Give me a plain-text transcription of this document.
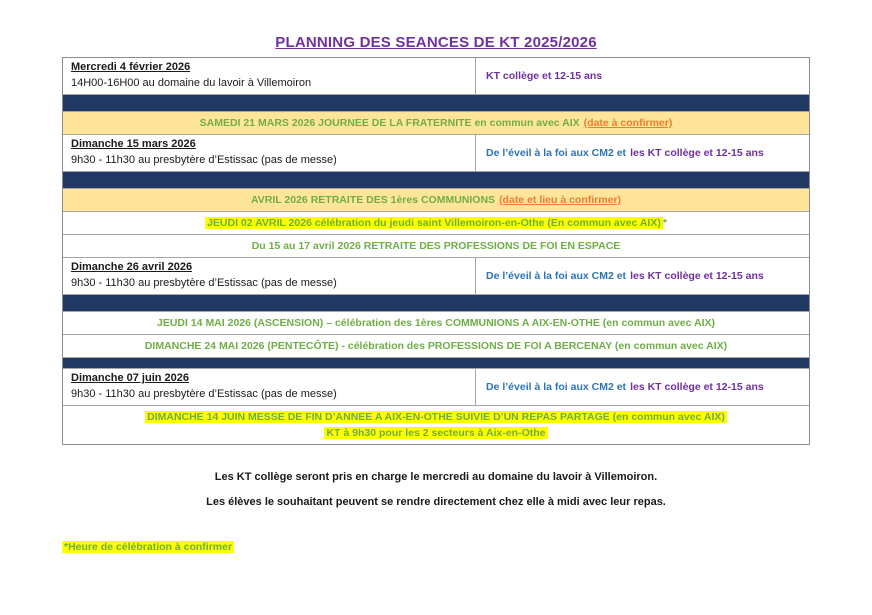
PLANNING DES SEANCES DE KT 2025/2026
Mercredi 4 février 2026
14H00-16H00 au domaine du lavoir à Villemoiron
KT collège et 12-15 ans
SAMEDI 21 MARS 2026 JOURNEE DE LA FRATERNITE en commun avec AIX (date à confirmer)
Dimanche 15 mars 2026
9h30 - 11h30 au presbytère d’Estissac (pas de messe)
De l’éveil à la foi aux CM2 et les KT collège et 12-15 ans
AVRIL 2026 RETRAITE DES 1ères COMMUNIONS (date et lieu à confirmer)
JEUDI 02 AVRIL 2026 célébration du jeudi saint Villemoiron-en-Othe (En commun avec AIX) *
Du 15 au 17 avril 2026 RETRAITE DES PROFESSIONS DE FOI EN ESPACE
Dimanche 26 avril 2026
9h30 - 11h30 au presbytère d’Estissac (pas de messe)
De l’éveil à la foi aux CM2 et les KT collège et 12-15 ans
JEUDI 14 MAI 2026 (ASCENSION) – célébration des 1ères COMMUNIONS A AIX-EN-OTHE (en commun avec AIX)
DIMANCHE 24 MAI 2026 (PENTECÔTE) - célébration des PROFESSIONS DE FOI A BERCENAY (en commun avec AIX)
Dimanche 07 juin 2026
9h30 - 11h30 au presbytère d’Estissac (pas de messe)
De l’éveil à la foi aux CM2 et les KT collège et 12-15 ans
DIMANCHE 14 JUIN MESSE DE FIN D’ANNEE A AIX-EN-OTHE SUIVIE D’UN REPAS PARTAGE (en commun avec AIX)
KT à 9h30 pour les 2 secteurs à Aix-en-Othe

Les KT collège seront pris en charge le mercredi au domaine du lavoir à Villemoiron.

Les élèves le souhaitant peuvent se rendre directement chez elle à midi avec leur repas.

*Heure de célébration à confirmer
